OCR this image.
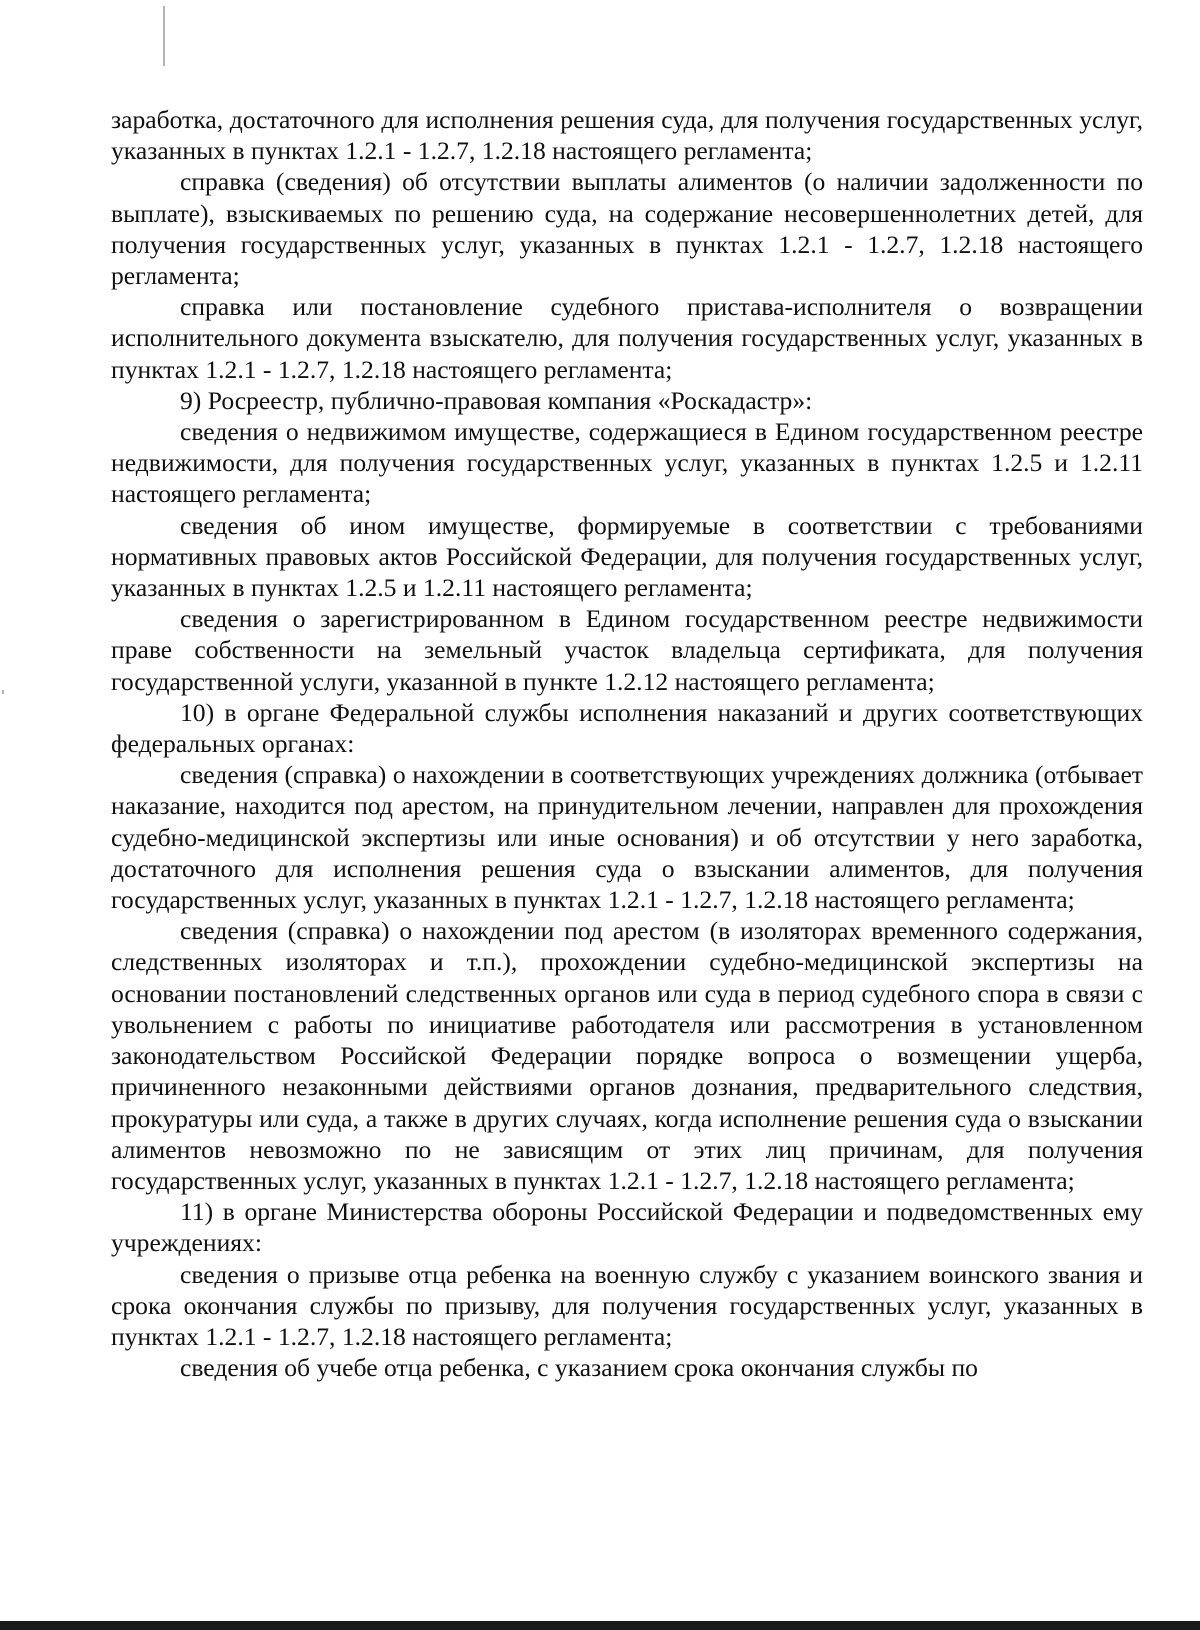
заработка, достаточного для исполнения решения суда, для получения государственных услуг, указанных в пунктах 1.2.1 - 1.2.7, 1.2.18 настоящего регламента;

справка (сведения) об отсутствии выплаты алиментов (о наличии задолженности по выплате), взыскиваемых по решению суда, на содержание несовершеннолетних детей, для получения государственных услуг, указанных в пунктах 1.2.1 - 1.2.7, 1.2.18 настоящего регламента;

справка или постановление судебного пристава-исполнителя о возвращении исполнительного документа взыскателю, для получения государственных услуг, указанных в пунктах 1.2.1 - 1.2.7, 1.2.18 настоящего регламента;

9) Росреестр, публично-правовая компания «Роскадастр»:

сведения о недвижимом имуществе, содержащиеся в Едином государственном реестре недвижимости, для получения государственных услуг, указанных в пунктах 1.2.5 и 1.2.11 настоящего регламента;

сведения об ином имуществе, формируемые в соответствии с требованиями нормативных правовых актов Российской Федерации, для получения государственных услуг, указанных в пунктах 1.2.5 и 1.2.11 настоящего регламента;

сведения о зарегистрированном в Едином государственном реестре недвижимости праве собственности на земельный участок владельца сертификата, для получения государственной услуги, указанной в пункте 1.2.12 настоящего регламента;

10) в органе Федеральной службы исполнения наказаний и других соответствующих федеральных органах:

сведения (справка) о нахождении в соответствующих учреждениях должника (отбывает наказание, находится под арестом, на принудительном лечении, направлен для прохождения судебно-медицинской экспертизы или иные основания) и об отсутствии у него заработка, достаточного для исполнения решения суда о взыскании алиментов, для получения государственных услуг, указанных в пунктах 1.2.1 - 1.2.7, 1.2.18 настоящего регламента;

сведения (справка) о нахождении под арестом (в изоляторах временного содержания, следственных изоляторах и т.п.), прохождении судебно-медицинской экспертизы на основании постановлений следственных органов или суда в период судебного спора в связи с увольнением с работы по инициативе работодателя или рассмотрения в установленном законодательством Российской Федерации порядке вопроса о возмещении ущерба, причиненного незаконными действиями органов дознания, предварительного следствия, прокуратуры или суда, а также в других случаях, когда исполнение решения суда о взыскании алиментов невозможно по не зависящим от этих лиц причинам, для получения государственных услуг, указанных в пунктах 1.2.1 - 1.2.7, 1.2.18 настоящего регламента;

11) в органе Министерства обороны Российской Федерации и подведомственных ему учреждениях:

сведения о призыве отца ребенка на военную службу с указанием воинского звания и срока окончания службы по призыву, для получения государственных услуг, указанных в пунктах 1.2.1 - 1.2.7, 1.2.18 настоящего регламента;

сведения об учебе отца ребенка, с указанием срока окончания службы по
